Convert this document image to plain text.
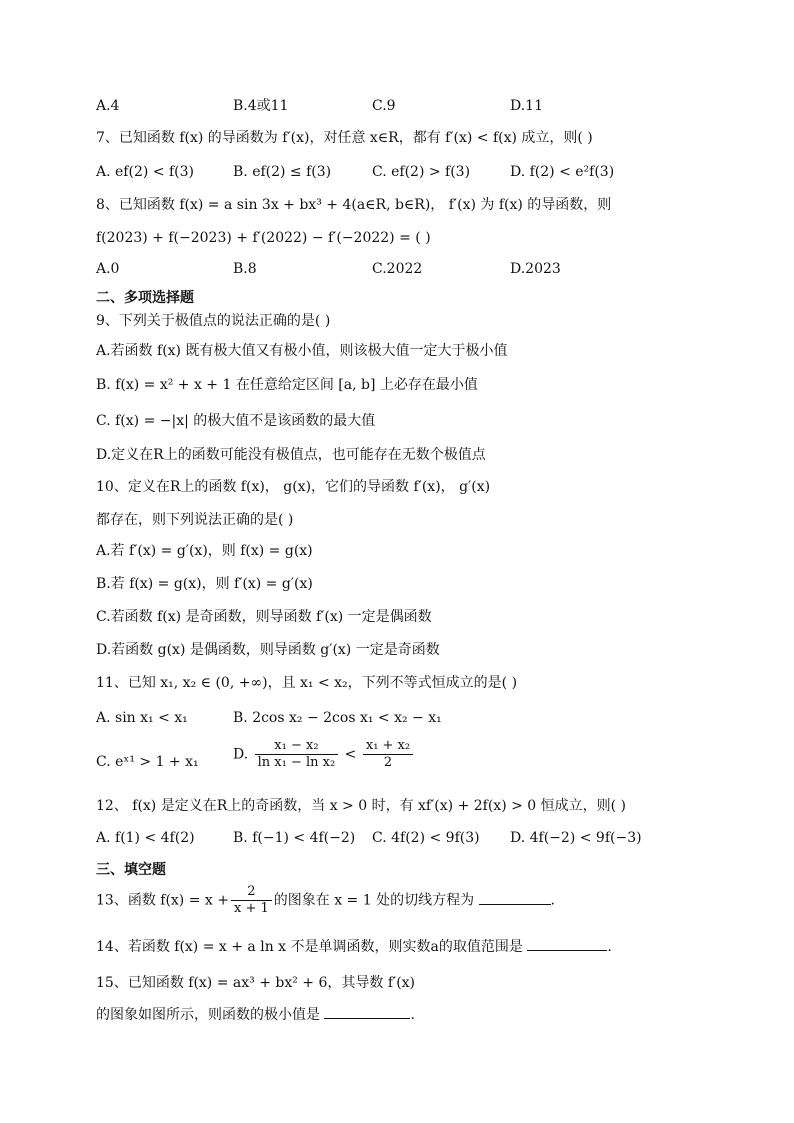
A.4	B.4或11	C.9	D.11
7、已知函数 f(x) 的导函数为 f′(x)，对任意 x∈R，都有 f′(x) < f(x) 成立，则( )
A. ef(2) < f(3)	B. ef(2) ≤ f(3)	C. ef(2) > f(3)	D. f(2) < e²f(3)
8、已知函数 f(x) = a sin 3x + bx³ + 4(a∈R, b∈R)， f′(x) 为 f(x) 的导函数，则
f(2023) + f(−2023) + f′(2022) − f′(−2022) = ( )
A.0	B.8	C.2022	D.2023
二、多项选择题
9、下列关于极值点的说法正确的是( )
A.若函数 f(x) 既有极大值又有极小值，则该极大值一定大于极小值
B. f(x) = x² + x + 1 在任意给定区间 [a, b] 上必存在最小值
C. f(x) = −|x| 的极大值不是该函数的最大值
D.定义在R上的函数可能没有极值点，也可能存在无数个极值点
10、定义在R上的函数 f(x)， g(x)，它们的导函数 f′(x)， g′(x)
都存在，则下列说法正确的是( )
A.若 f′(x) = g′(x)，则 f(x) = g(x)
B.若 f(x) = g(x)，则 f′(x) = g′(x)
C.若函数 f(x) 是奇函数，则导函数 f′(x) 一定是偶函数
D.若函数 g(x) 是偶函数，则导函数 g′(x) 一定是奇函数
11、已知 x₁, x₂ ∈ (0, +∞)，且 x₁ < x₂，下列不等式恒成立的是( )
A. sin x₁ < x₁	B. 2cos x₂ − 2cos x₁ < x₂ − x₁
C. eˣ¹ > 1 + x₁ D. $\frac{\text{x₁ − x₂}}{\text{ln x₁ − ln x₂}} < \frac{\text{x₁ + x₂}}{2}$
12、 f(x) 是定义在R上的奇函数，当 x > 0 时，有 xf′(x) + 2f(x) > 0 恒成立，则( )
A. f(1) < 4f(2)	B. f(−1) < 4f(−2) C. 4f(2) < 9f(3) D. 4f(−2) < 9f(−3)
三、填空题
13、函数 $f(x) = x + \frac{2}{x + 1}$ 的图象在 x = 1 处的切线方程为	.
14、若函数 f(x) = x + a ln x 不是单调函数，则实数a的取值范围是	.
15、已知函数 f(x) = ax³ + bx² + 6，其导数 f′(x)
的图象如图所示，则函数的极小值是	.
